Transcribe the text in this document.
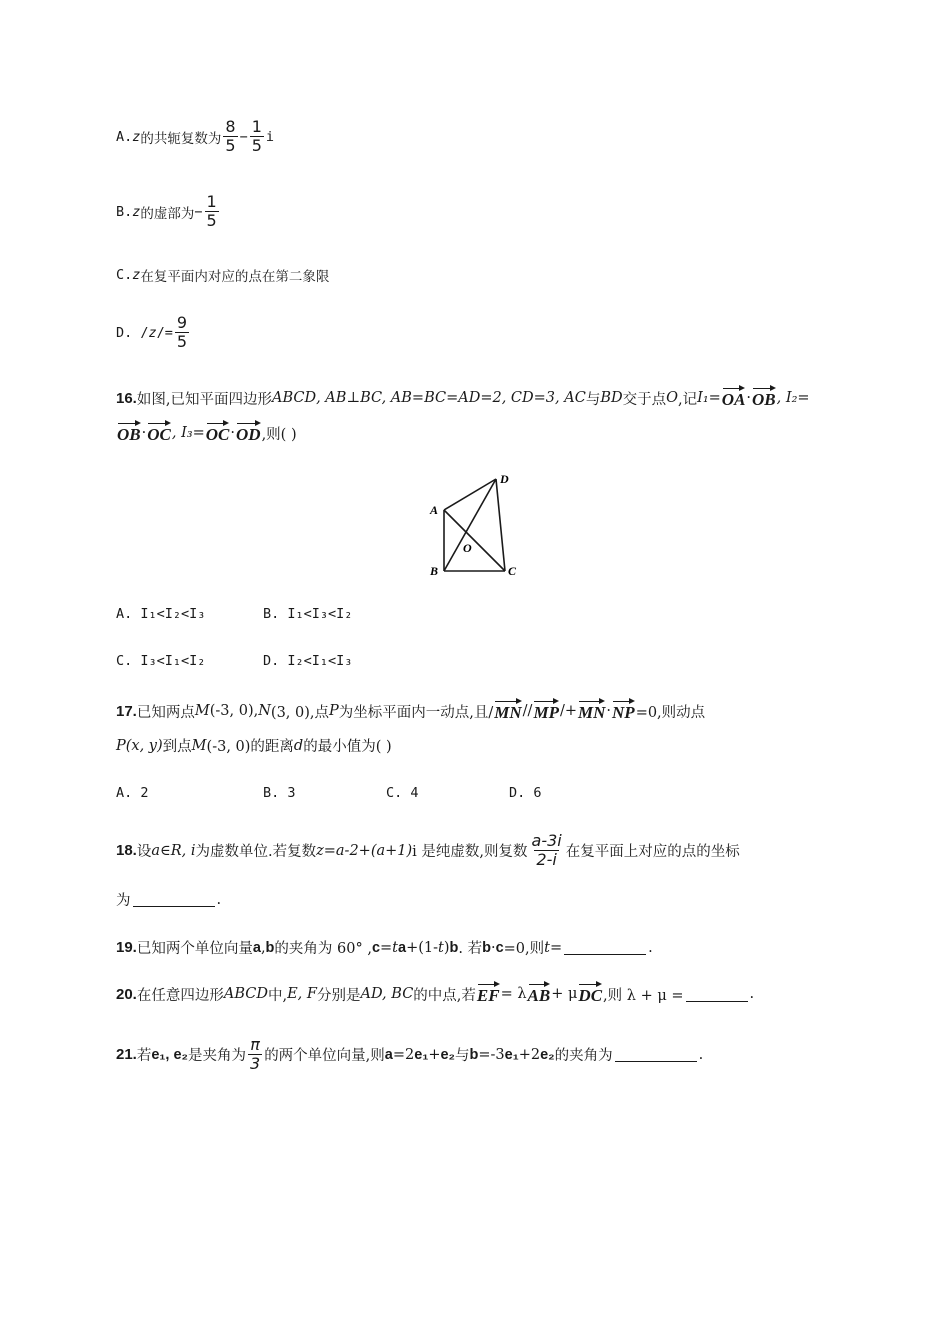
A. z 的共轭复数为 $\frac{8}{5} - \frac{1}{5}$ i
B. z 的虚部为 − $\frac{1}{5}$
C. z 在复平面内对应的点在第二象限
D. / $z /= \frac{9}{5}$
16. 如图,已知平面四边形 ABCD , AB⊥BC, AB=BC=AD=2, CD=3, AC 与 BD 交于点 O ,记 I₁= OA · OB , I₂=
OB · OC , I₃= OC · OD ,则( )
A
B	C
D
O
A. I₁<I₂<I₃	B. I₁<I₃<I₂
C. I₃<I₁<I₂	D. I₂<I₁<I₃
17. 已知两点 M (-3, 0), N (3, 0),点 P 为坐标平面内一动点,且/ MN // MP /+ MN · NP =0,则动点
P(x, y) 到点 M (-3, 0)的距离 d 的最小值为( )
A. 2	B. 3	C. 4	D. 6
18. 设 a∈R, i 为虚数单位.若复数 z=a-2+(a+1) i 是纯虚数,则复数 $\frac{a-3i}{2-i}$ 在复平面上对应的点的坐标
为	.
19. 已知两个单位向量 a , b 的夹角为 60° , c = t a +(1- t ) b . 若 b · c =0,则 t =	.
20. 在任意四边形 ABCD 中, E, F 分别是 AD, BC 的中点,若 EF = λ AB + μ DC ,则 λ + μ =	.
21. 若 e₁, e₂ 是夹角为 $\frac{\pi}{3}$ 的两个单位向量,则 a =2 e₁ + e₂ 与 b =-3 e₁ +2 e₂ 的夹角为	.
